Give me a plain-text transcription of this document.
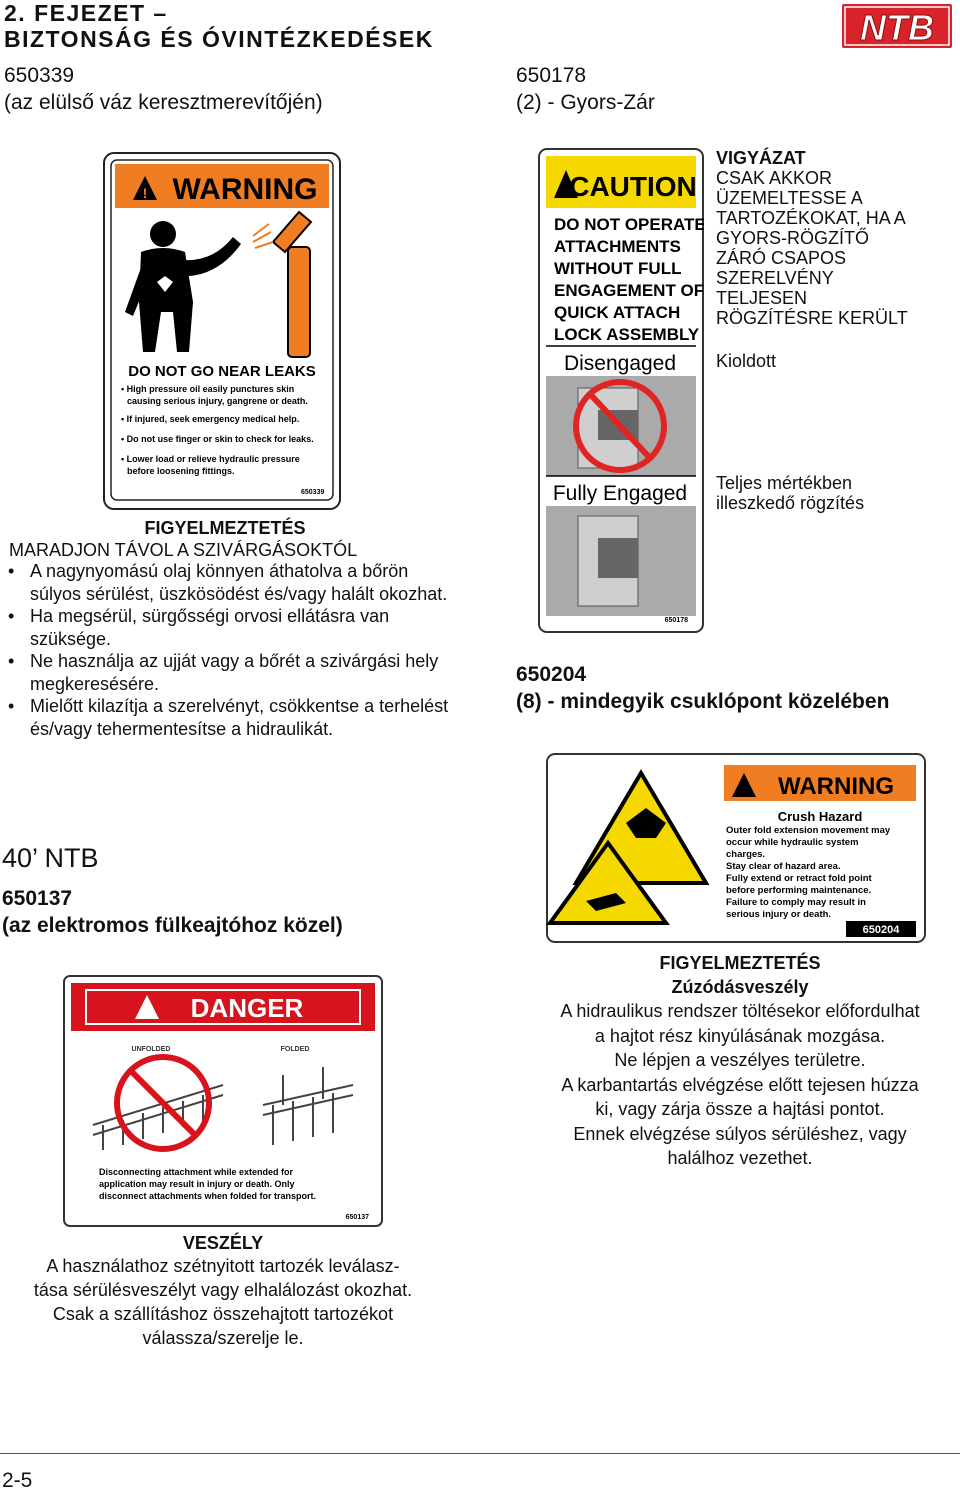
2. FEJEZET –
BIZTONSÁG ÉS ÓVINTÉZKEDÉSEK	NTB
650339
(az elülső váz keresztmerevítőjén)
! WARNING
DO NOT GO NEAR LEAKS
• High pressure oil easily punctures skin
causing serious injury, gangrene or death.
• If injured, seek emergency medical help.
• Do not use finger or skin to check for leaks.
• Lower load or relieve hydraulic pressure
before loosening fittings.
650339
FIGYELMEZTETÉS
MARADJON TÁVOL A SZIVÁRGÁSOKTÓL
• A nagynyomású olaj könnyen áthatolva a bőrön súlyos sérülést, üszkösödést és/vagy halált okozhat.
• Ha megsérül, sürgősségi orvosi ellátásra van szüksége.
• Ne használja az ujját vagy a bőrét a szivárgási hely megkeresésére.
• Mielőtt kilazítja a szerelvényt, csökkentse a terhelést és/vagy tehermentesítse a hidraulikát.
650178
(2) - Gyors-Zár
CAUTION
DO NOT OPERATE
ATTACHMENTS
WITHOUT FULL
ENGAGEMENT OF
QUICK ATTACH
LOCK ASSEMBLY
Disengaged
Fully Engaged
650178
VIGYÁZAT
CSAK AKKOR
ÜZEMELTESSE A
TARTOZÉKOKAT, HA A
GYORS-RÖGZÍTŐ
ZÁRÓ CSAPOS
SZERELVÉNY
TELJESEN
RÖGZÍTÉSRE KERÜLT
Kioldott
Teljes mértékben
illeszkedő rögzítés
650204
(8) - mindegyik csuklópont közelében
WARNING
Crush Hazard
Outer fold extension movement may
occur while hydraulic system
charges.
Stay clear of hazard area.
Fully extend or retract fold point
before performing maintenance.
Failure to comply may result in
serious injury or death.
650204
FIGYELMEZTETÉS
Zúzódásveszély
A hidraulikus rendszer töltésekor előfordulhat
a hajtot rész kinyúlásának mozgása.
Ne lépjen a veszélyes területre.
A karbantartás elvégzése előtt tejesen húzza
ki, vagy zárja össze a hajtási pontot.
Ennek elvégzése súlyos sérüléshez, vagy
halálhoz vezethet.
40’ NTB
650137
(az elektromos fülkeajtóhoz közel)
DANGER
UNFOLDED	FOLDED
Disconnecting attachment while extended for
application may result in injury or death. Only
disconnect attachments when folded for transport.
650137
VESZÉLY
A használathoz szétnyitott tartozék leválasz-
tása sérülésveszélyt vagy elhalálozást okozhat.
Csak a szállításhoz összehajtott tartozékot
válassza/szerelje le.
2-5
